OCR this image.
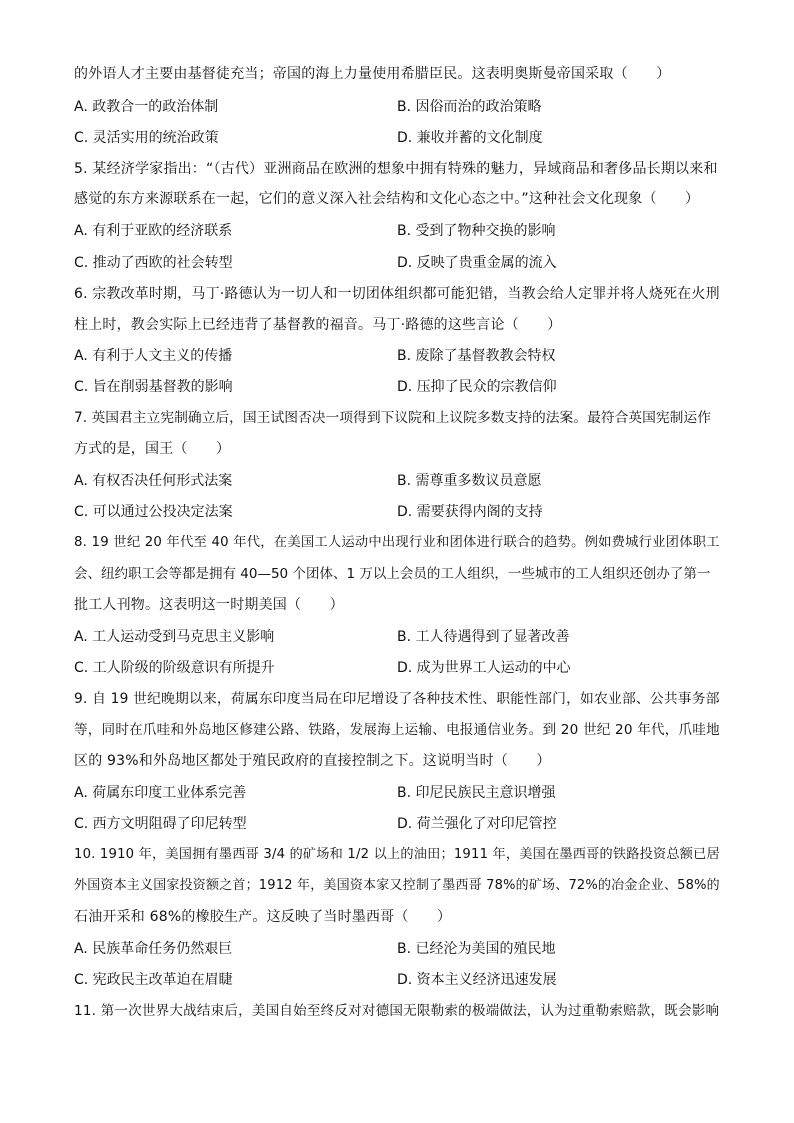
的外语人才主要由基督徒充当；帝国的海上力量使用希腊臣民。这表明奥斯曼帝国采取（　　）
A. 政教合一的政治体制	B. 因俗而治的政治策略
C. 灵活实用的统治政策	D. 兼收并蓄的文化制度
5. 某经济学家指出：“（古代）亚洲商品在欧洲的想象中拥有特殊的魅力，异域商品和奢侈品长期以来和
感觉的东方来源联系在一起，它们的意义深入社会结构和文化心态之中。”这种社会文化现象（　　）
A. 有利于亚欧的经济联系	B. 受到了物种交换的影响
C. 推动了西欧的社会转型	D. 反映了贵重金属的流入
6. 宗教改革时期，马丁·路德认为一切人和一切团体组织都可能犯错，当教会给人定罪并将人烧死在火刑
柱上时，教会实际上已经违背了基督教的福音。马丁·路德的这些言论（　　）
A. 有利于人文主义的传播	B. 废除了基督教教会特权
C. 旨在削弱基督教的影响	D. 压抑了民众的宗教信仰
7. 英国君主立宪制确立后，国王试图否决一项得到下议院和上议院多数支持的法案。最符合英国宪制运作
方式的是，国王（　　）
A. 有权否决任何形式法案	B. 需尊重多数议员意愿
C. 可以通过公投决定法案	D. 需要获得内阁的支持
8. 19 世纪 20 年代至 40 年代，在美国工人运动中出现行业和团体进行联合的趋势。例如费城行业团体职工
会、纽约职工会等都是拥有 40—50 个团体、1 万以上会员的工人组织，一些城市的工人组织还创办了第一
批工人刊物。这表明这一时期美国（　　）
A. 工人运动受到马克思主义影响	B. 工人待遇得到了显著改善
C. 工人阶级的阶级意识有所提升	D. 成为世界工人运动的中心
9. 自 19 世纪晚期以来，荷属东印度当局在印尼增设了各种技术性、职能性部门，如农业部、公共事务部
等，同时在爪哇和外岛地区修建公路、铁路，发展海上运输、电报通信业务。到 20 世纪 20 年代，爪哇地
区的 93%和外岛地区都处于殖民政府的直接控制之下。这说明当时（　　）
A. 荷属东印度工业体系完善	B. 印尼民族民主意识增强
C. 西方文明阻碍了印尼转型	D. 荷兰强化了对印尼管控
10. 1910 年，美国拥有墨西哥 3/4 的矿场和 1/2 以上的油田；1911 年，美国在墨西哥的铁路投资总额已居
外国资本主义国家投资额之首；1912 年，美国资本家又控制了墨西哥 78%的矿场、72%的冶金企业、58%的
石油开采和 68%的橡胶生产。这反映了当时墨西哥（　　）
A. 民族革命任务仍然艰巨	B. 已经沦为美国的殖民地
C. 宪政民主改革迫在眉睫	D. 资本主义经济迅速发展
11. 第一次世界大战结束后，美国自始至终反对对德国无限勒索的极端做法，认为过重勒索赔款，既会影响
